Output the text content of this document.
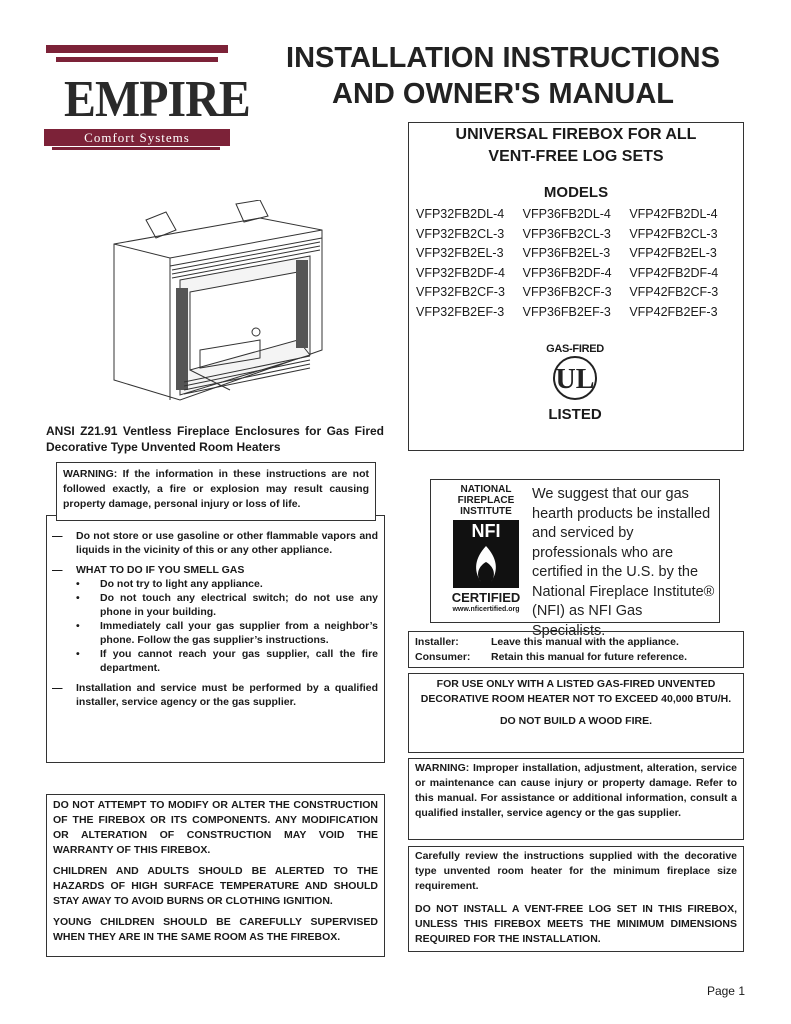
EMPIRE
Comfort Systems
INSTALLATION INSTRUCTIONS
AND OWNER'S MANUAL
UNIVERSAL FIREBOX FOR ALL
VENT-FREE LOG SETS
MODELS
VFP32FB2DL-4	VFP36FB2DL-4	VFP42FB2DL-4
VFP32FB2CL-3	VFP36FB2CL-3	VFP42FB2CL-3
VFP32FB2EL-3	VFP36FB2EL-3	VFP42FB2EL-3
VFP32FB2DF-4	VFP36FB2DF-4	VFP42FB2DF-4
VFP32FB2CF-3	VFP36FB2CF-3	VFP42FB2CF-3
VFP32FB2EF-3	VFP36FB2EF-3	VFP42FB2EF-3
GAS-FIRED
UL
LISTED
ANSI Z21.91 Ventless Fireplace Enclosures for Gas Fired Decorative Type Unvented Room Heaters
WARNING: If the information in these instructions are not followed exactly, a fire or explosion may result causing property damage, personal injury or loss of life.
—	Do not store or use gasoline or other flammable vapors and liquids in the vicinity of this or any other appliance.

—	WHAT TO DO IF YOU SMELL GAS

•	Do not try to light any appliance.

•	Do not touch any electrical switch; do not use any phone in your building.

•	Immediately call your gas supplier from a neighbor’s phone. Follow the gas supplier’s instructions.

•	If you cannot reach your gas supplier, call the fire department.

—	Installation and service must be performed by a qualified installer, service agency or the gas supplier.

DO NOT ATTEMPT TO MODIFY OR ALTER THE CONSTRUCTION OF THE FIREBOX OR ITS COMPONENTS. ANY MODIFICATION OR ALTERATION OF CONSTRUCTION MAY VOID THE WARRANTY OF THIS FIREBOX.

CHILDREN AND ADULTS SHOULD BE ALERTED TO THE HAZARDS OF HIGH SURFACE TEMPERATURE AND SHOULD STAY AWAY TO AVOID BURNS OR CLOTHING IGNITION.

YOUNG CHILDREN SHOULD BE CAREFULLY SUPERVISED WHEN THEY ARE IN THE SAME ROOM AS THE FIREBOX.

NATIONAL
FIREPLACE
INSTITUTE
NFI
CERTIFIED
www.nficertified.org
We suggest that our gas hearth products be installed and serviced by professionals who are certified in the U.S. by the National Fireplace Institute® (NFI) as NFI Gas Specialists.
Installer:	Leave this manual with the appliance.
Consumer:	Retain this manual for future reference.

FOR USE ONLY WITH A LISTED GAS-FIRED UNVENTED DECORATIVE ROOM HEATER NOT TO EXCEED 40,000 BTU/H.

DO NOT BUILD A WOOD FIRE.

WARNING: Improper installation, adjustment, alteration, service or maintenance can cause injury or property damage. Refer to this manual. For assistance or additional information, consult a qualified installer, service agency or the gas supplier.

Carefully review the instructions supplied with the decorative type unvented room heater for the minimum fireplace size requirement.

DO NOT INSTALL A VENT-FREE LOG SET IN THIS FIREBOX, UNLESS THIS FIREBOX MEETS THE MINIMUM DIMENSIONS REQUIRED FOR THE INSTALLATION.

Page 1
